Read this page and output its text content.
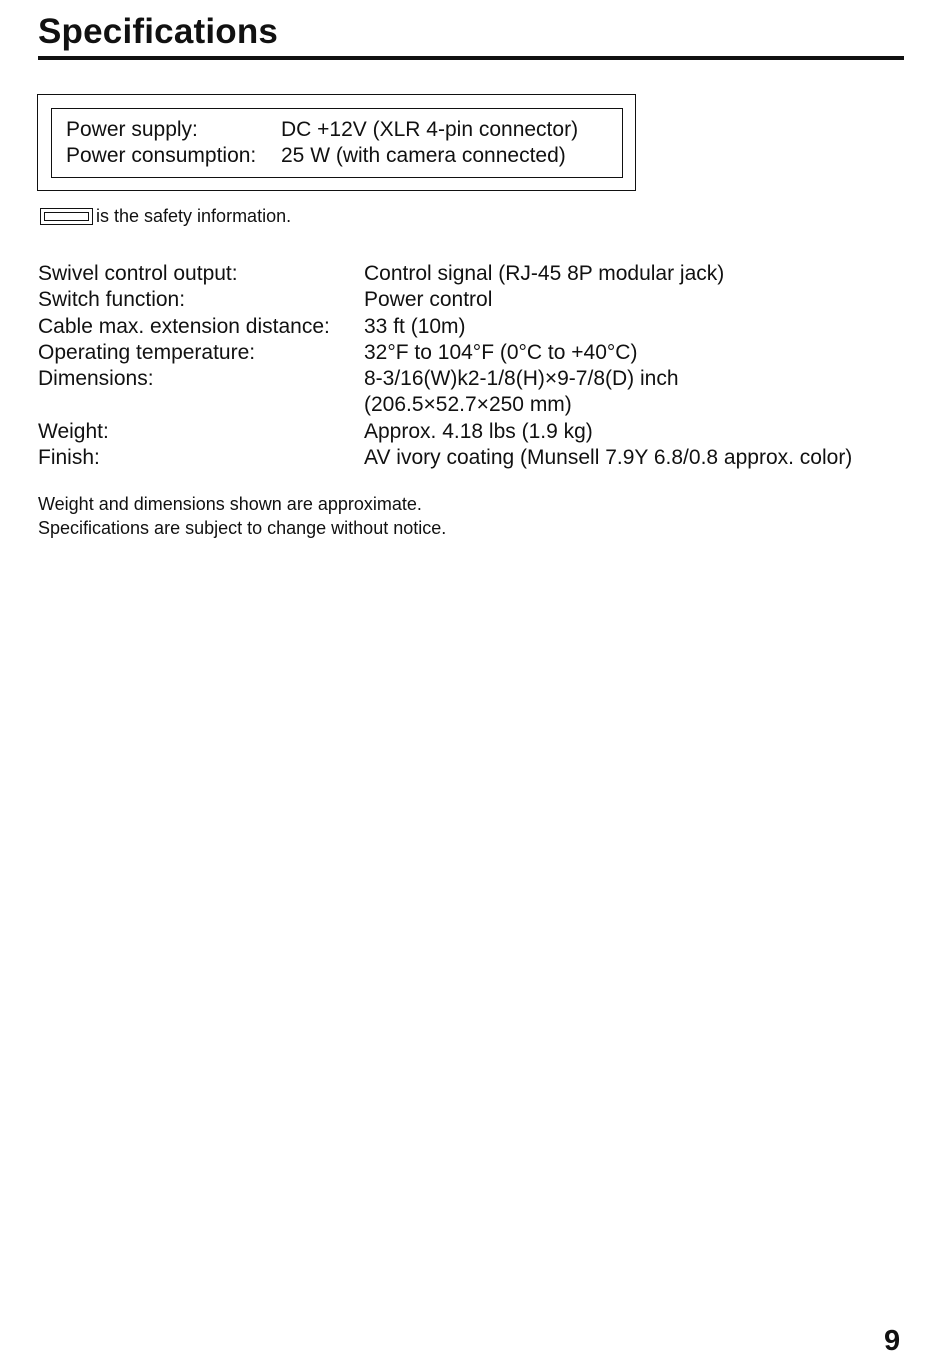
Specifications
Power supply:	DC +12V (XLR 4-pin connector)
Power consumption:	25 W (with camera connected)
is the safety information.
Swivel control output:	Control signal (RJ-45 8P modular jack)
Switch function:	Power control
Cable max. extension distance:	33 ft (10m)
Operating temperature:	32°F to 104°F (0°C to +40°C)
Dimensions:	8-3/16(W)k2-1/8(H)×9-7/8(D) inch
	(206.5×52.7×250 mm)
Weight:	Approx. 4.18 lbs (1.9 kg)
Finish:	AV ivory coating (Munsell 7.9Y 6.8/0.8 approx. color)
Weight and dimensions shown are approximate.
Specifications are subject to change without notice.
9
